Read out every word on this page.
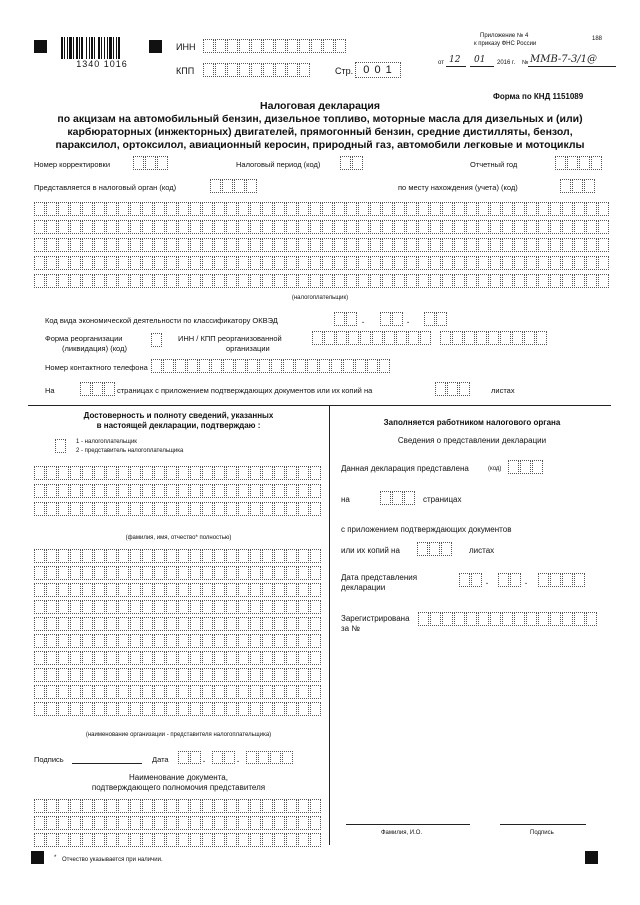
1340 1016
ИНН
КПП	Стр. 0 0 1
Приложение № 4	188
к приказу ФНС России
от 12 01 2016 г. № ММВ-7-3/1@
Форма по КНД 1151089
Налоговая декларация
по акцизам на автомобильный бензин, дизельное топливо, моторные масла для дизельных и (или)
карбюраторных (инжекторных) двигателей, прямогонный бензин, средние дистилляты, бензол,
параксилол, ортоксилол, авиационный керосин, природный газ, автомобили легковые и мотоциклы
Номер корректировки	Налоговый период (код)	Отчетный год
Представляется в налоговый орган (код)	по месту нахождения (учета) (код)
(налогоплательщик)
Код вида экономической деятельности по классификатору ОКВЭД	.	.
Форма реорганизации
(ликвидация) (код)
ИНН / КПП реорганизованной
организации
Номер контактного телефона
На	страницах с приложением подтверждающих документов или их копий на	листах
Достоверность и полноту сведений, указанных
в настоящей декларации, подтверждаю :
1 - налогоплательщик
2 - представитель налогоплательщика
(фамилия, имя, отчество* полностью)
(наименование организации - представителя налогоплательщика)
Подпись	Дата	.	.
Наименование документа,
подтверждающего полномочия представителя
Заполняется работником налогового органа
Сведения о представлении декларации
Данная декларация представлена	(код)
на	страницах
с приложением подтверждающих документов
или их копий на	листах
Дата представления
декларации
.	.
Зарегистрирована
за №
Фамилия, И.О.	Подпись
* Отчество указывается при наличии.
